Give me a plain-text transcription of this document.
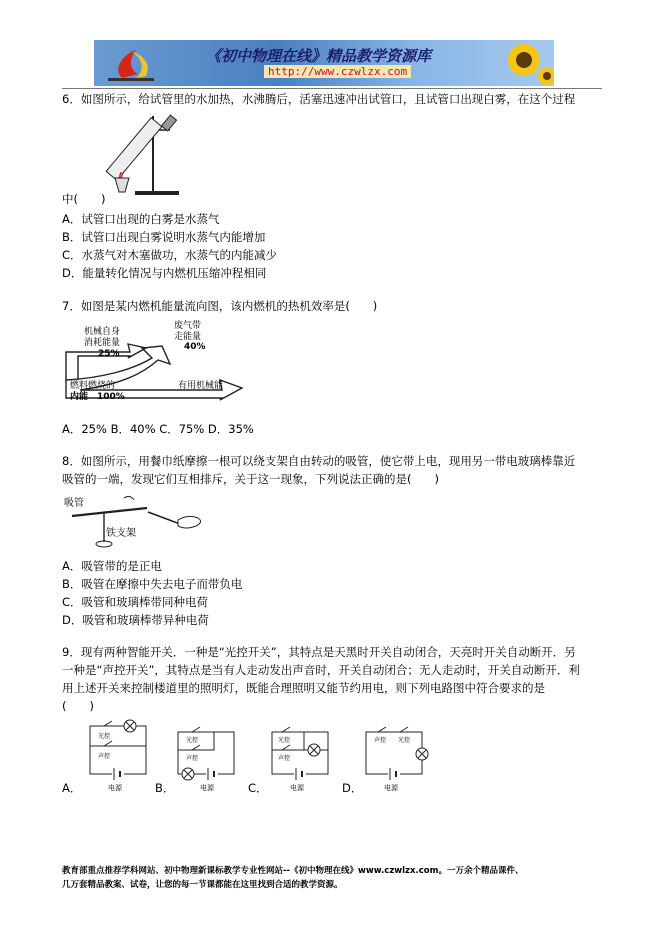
《初中物理在线》精品教学资源库
http://www.czwlzx.com
6．如图所示，给试管里的水加热，水沸腾后，活塞迅速冲出试管口，且试管口出现白雾，在这个过程
中(　　)
A．试管口出现的白雾是水蒸气
B．试管口出现白雾说明水蒸气内能增加
C．水蒸气对木塞做功，水蒸气的内能减少
D．能量转化情况与内燃机压缩冲程相同
7．如图是某内燃机能量流向图，该内燃机的热机效率是(　　)
机械自身
消耗能量
25%
废气带
走能量
40%
燃料燃烧的
内能　100%
有用机械能
A．25% B．40% C．75% D．35%
8．如图所示，用餐巾纸摩擦一根可以绕支架自由转动的吸管，使它带上电，现用另一带电玻璃棒靠近
吸管的一端，发现它们互相排斥，关于这一现象，下列说法正确的是(　　)
吸管
铁支架
A．吸管带的是正电
B．吸管在摩擦中失去电子而带负电
C．吸管和玻璃棒带同种电荷
D．吸管和玻璃棒带异种电荷
9．现有两种智能开关．一种是“光控开关”，其特点是天黑时开关自动闭合，天亮时开关自动断开．另
一种是“声控开关”，其特点是当有人走动发出声音时，开关自动闭合；无人走动时，开关自动断开．利
用上述开关来控制楼道里的照明灯，既能合理照明又能节约用电，则下列电路图中符合要求的是
(　　)
A．
光控
声控
电源	B．
光控
声控
电源	C．
光控
声控
电源	D．
声控 光控
电源
教育部重点推荐学科网站、初中物理新课标教学专业性网站--《初中物理在线》www.czwlzx.com。一万余个精品课件、
几万套精品教案、试卷，让您的每一节课都能在这里找到合适的教学资源。
